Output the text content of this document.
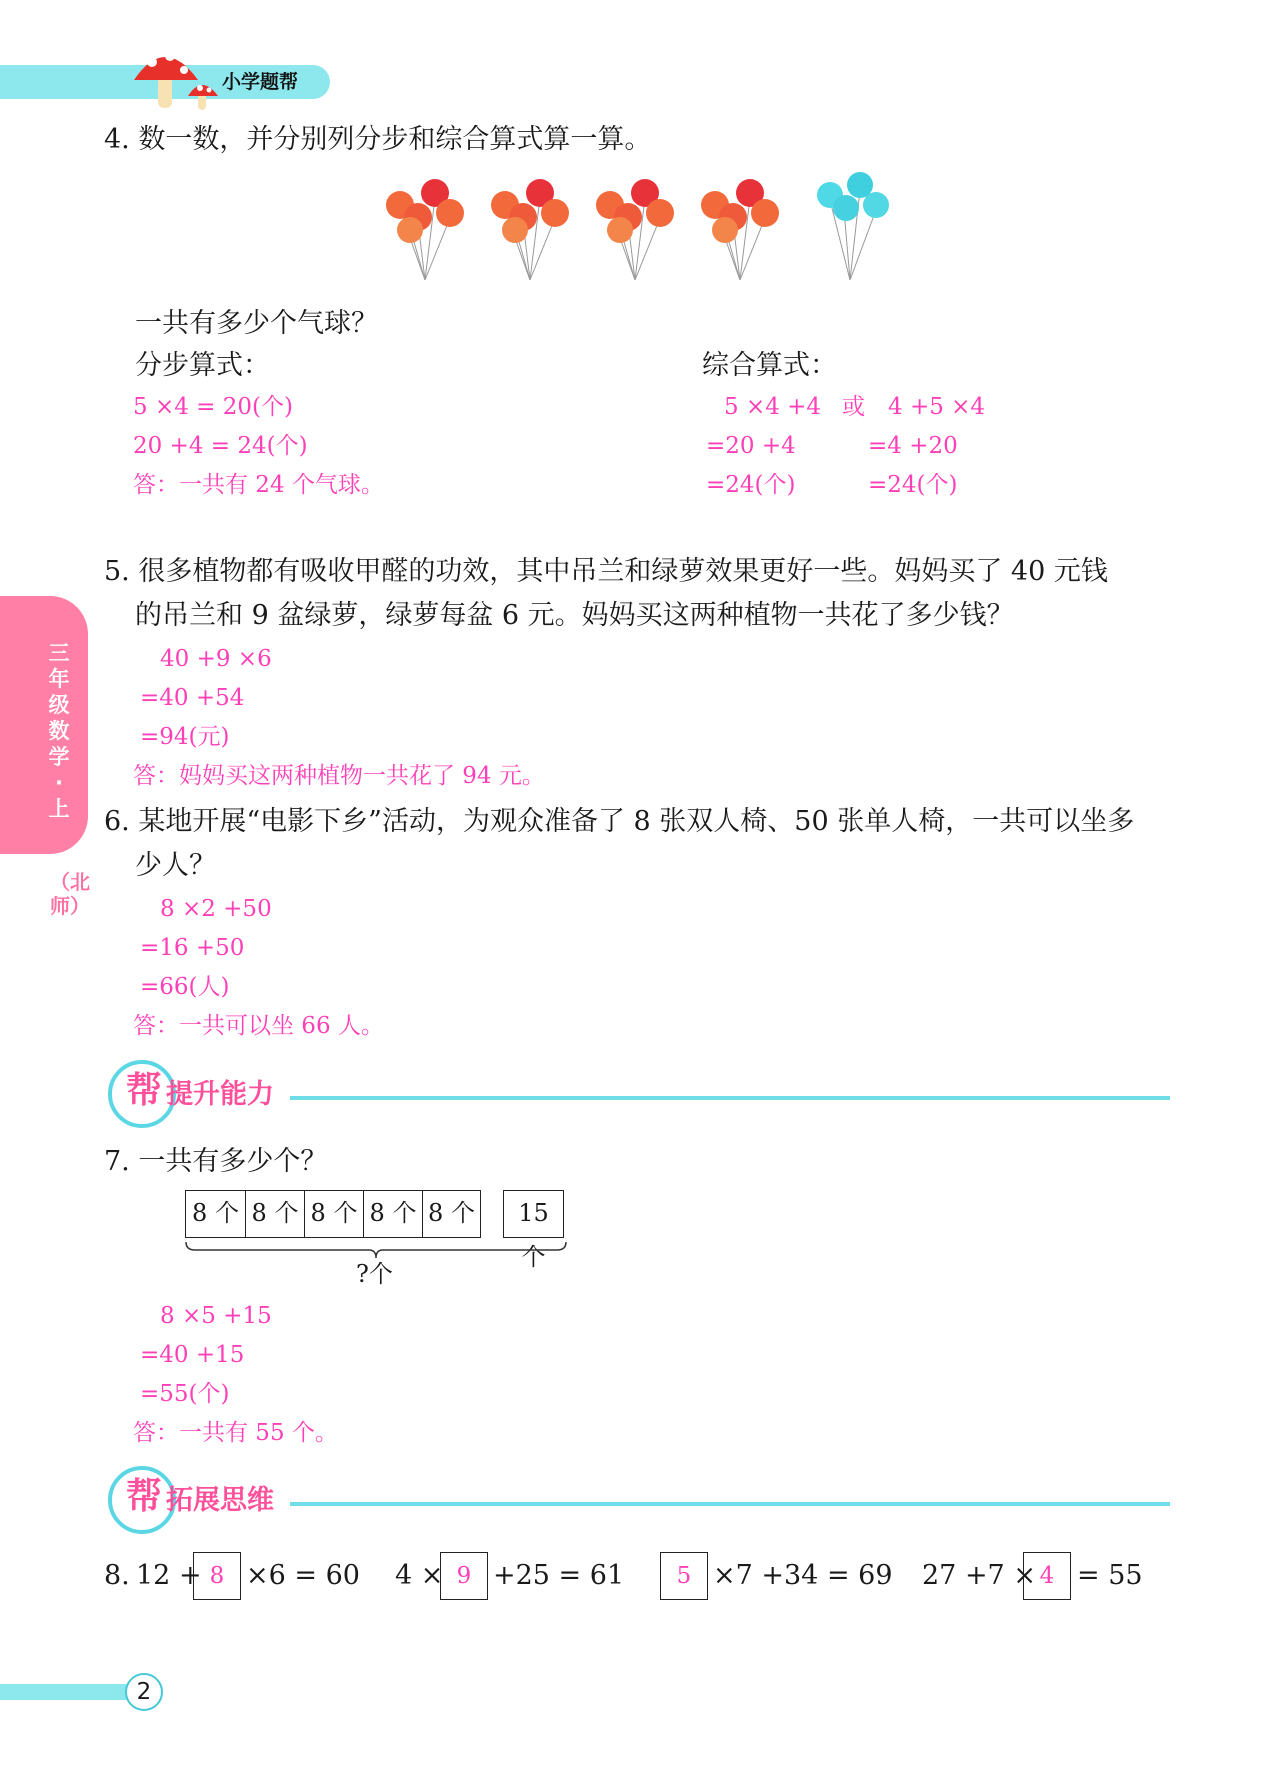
小学题帮
三年级数学·上
（北师）
4. 数一数，并分别列分步和综合算式算一算。
一共有多少个气球？
分步算式：	综合算式：
5 ×4 = 20(个)
20 +4 = 24(个)
答：一共有 24 个气球。
5 ×4 +4
=20 +4
=24(个)
或 4 +5 ×4
=4 +20
=24(个)
5. 很多植物都有吸收甲醛的功效，其中吊兰和绿萝效果更好一些。妈妈买了 40 元钱
的吊兰和 9 盆绿萝，绿萝每盆 6 元。妈妈买这两种植物一共花了多少钱？
40 +9 ×6
=40 +54
=94(元)
答：妈妈买这两种植物一共花了 94 元。
6. 某地开展“电影下乡”活动，为观众准备了 8 张双人椅、50 张单人椅，一共可以坐多
少人？
8 ×2 +50
=16 +50
=66(人)
答：一共可以坐 66 人。
帮 提升能力
7. 一共有多少个？
8 个 8 个 8 个 8 个 8 个	15 个
?个
8 ×5 +15
=40 +15
=55(个)
答：一共有 55 个。
帮 拓展思维
8. 12 + 8 ×6 = 60 4 × 9 +25 = 61	5 ×7 +34 = 69 27 +7 × 4 = 55
2
